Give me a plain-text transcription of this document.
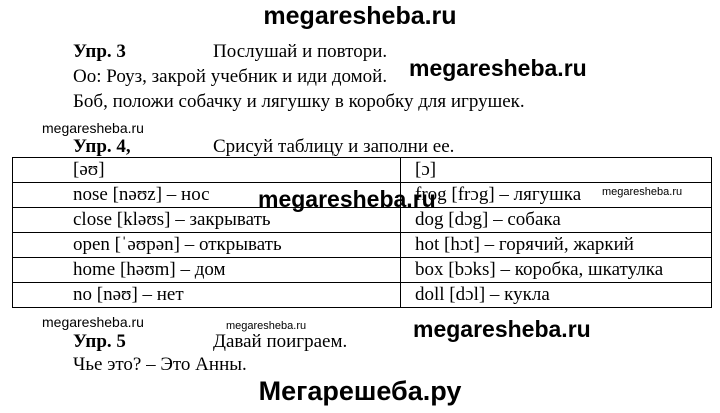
megaresheba.ru
Упр. 3	Послушай и повтори.
Oo: Роуз, закрой учебник и иди домой. megaresheba.ru
Боб, положи собачку и лягушку в коробку для игрушек.
megaresheba.ru
Упр. 4,	Срисуй таблицу и заполни ее.
[əʊ]	[ɔ]
nose [nəʊz] – нос	frog [frɔg] – лягушка
close [kləʊs] – закрывать	dog [dɔg] – собака
open [ˈəʊpən] – открывать	hot [hɔt] – горячий, жаркий
home [həʊm] – дом	box [bɔks] – коробка, шкатулка
no [nəʊ] – нет	doll [dɔl] – кукла
megaresheba.ru	megaresheba.ru
megaresheba.ru	megaresheba.ru	megaresheba.ru
Упр. 5	Давай поиграем.
Чье это? – Это Анны.
Мегарешеба.ру
